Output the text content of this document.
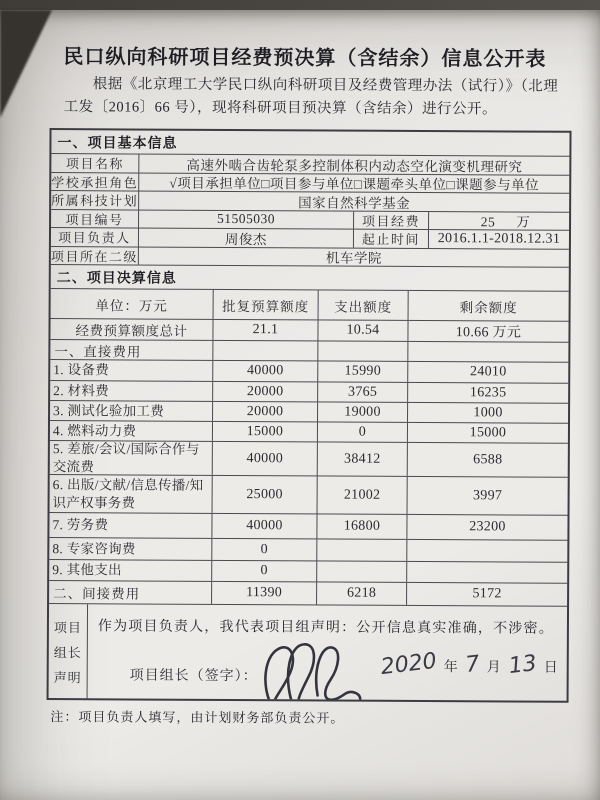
民口纵向科研项目经费预决算（含结余）信息公开表

根据《北京理工大学民口纵向科研项目及经费管理办法（试行）》（北理工发〔2016〕66 号），现将科研项目预决算（含结余）进行公开。

一、项目基本信息
项目名称	高速外啮合齿轮泵多控制体积内动态空化演变机理研究
学校承担角色	√项目承担单位□项目参与单位□课题牵头单位□课题参与单位
所属科技计划	国家自然科学基金
项目编号	51505030	项目经费	25	万
项目负责人	周俊杰	起止时间	2016.1.1-2018.12.31
项目所在二级	机车学院
二、项目决算信息
单位：万元	批复预算额度	支出额度	剩余额度
经费预算额度总计	21.1	10.54	10.66 万元
一、直接费用
1. 设备费	40000	15990	24010
2. 材料费	20000	3765	16235
3. 测试化验加工费	20000	19000	1000
4. 燃料动力费	15000	0	15000
5. 差旅/会议/国际合作与交流费
40000	38412	6588
6. 出版/文献/信息传播/知识产权事务费
25000	21002	3997
7. 劳务费	40000	16800	23200
8. 专家咨询费	0
9. 其他支出	0
二、间接费用	11390	6218	5172
项目
组长
声明
作为项目负责人，我代表项目组声明：公开信息真实准确，不涉密。
项目组长（签字）：	2020 年 7 月 13 日

注：项目负责人填写，由计划财务部负责公开。
